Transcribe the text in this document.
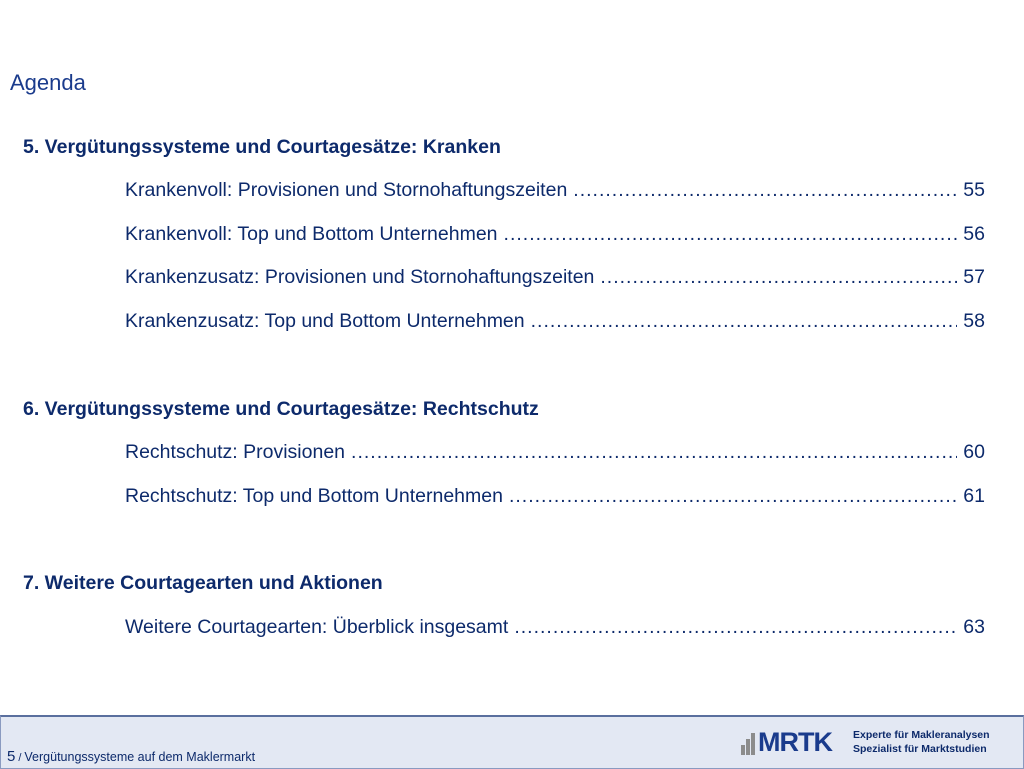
Agenda
5. Vergütungssysteme und Courtagesätze: Kranken
Krankenvoll: Provisionen und Stornohaftungszeiten .....	55
Krankenvoll: Top und Bottom Unternehmen .....	56
Krankenzusatz: Provisionen und Stornohaftungszeiten .....	57
Krankenzusatz: Top und Bottom Unternehmen .....	58
6. Vergütungssysteme und Courtagesätze: Rechtschutz
Rechtschutz: Provisionen .....	60
Rechtschutz: Top und Bottom Unternehmen .....	61
7. Weitere Courtagearten und Aktionen
Weitere Courtagearten: Überblick insgesamt .....	63
5 / Vergütungssysteme auf dem Maklermarkt	MRTK Experte für Makleranalysen
Spezialist für Marktstudien
